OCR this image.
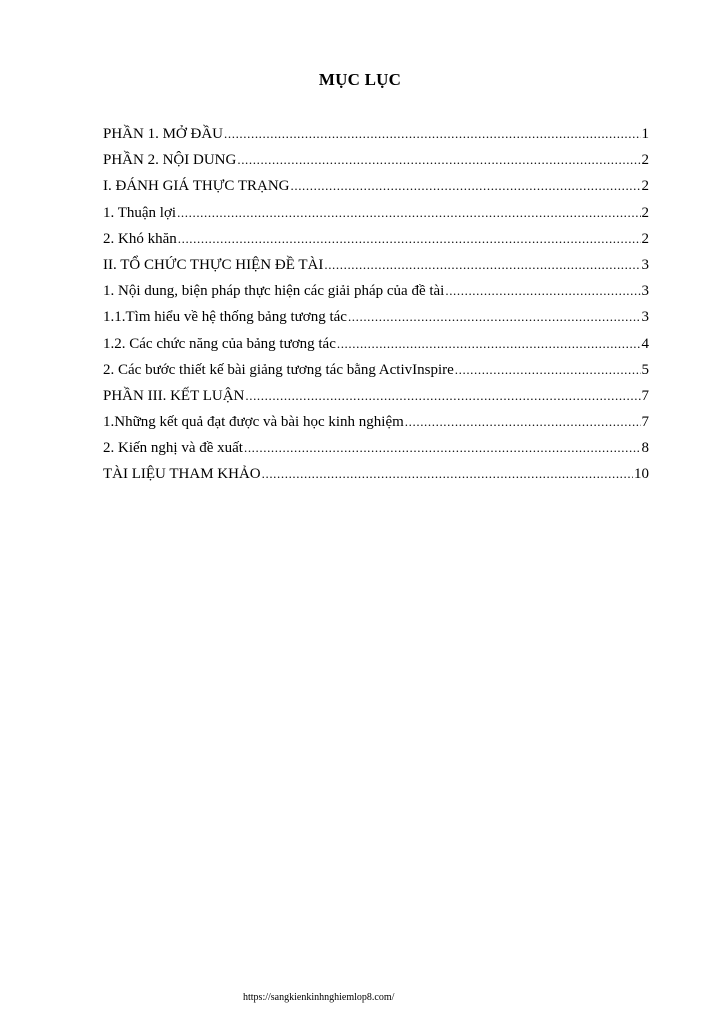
MỤC LỤC
PHẦN 1. MỞ ĐẦU .....	1
PHẦN 2. NỘI DUNG .....	2
I. ĐÁNH GIÁ THỰC TRẠNG .....	2
1. Thuận lợi .....	2
2. Khó khăn .....	2
II. TỔ CHỨC THỰC HIỆN ĐỀ TÀI .....	3
1. Nội dung, biện pháp thực hiện các giải pháp của đề tài .....	3
1.1.Tìm hiểu về hệ thống bảng tương tác .....	3
1.2. Các chức năng của bảng tương tác .....	4
2. Các bước thiết kế bài giảng tương tác bằng ActivInspire .....	5
PHẦN III. KẾT LUẬN .....	7
1.Những kết quả đạt được và bài học kinh nghiệm .....	7
2. Kiến nghị và đề xuất .....	8
TÀI LIỆU THAM KHẢO .....	10
https://sangkienkinhnghiemlop8.com/
